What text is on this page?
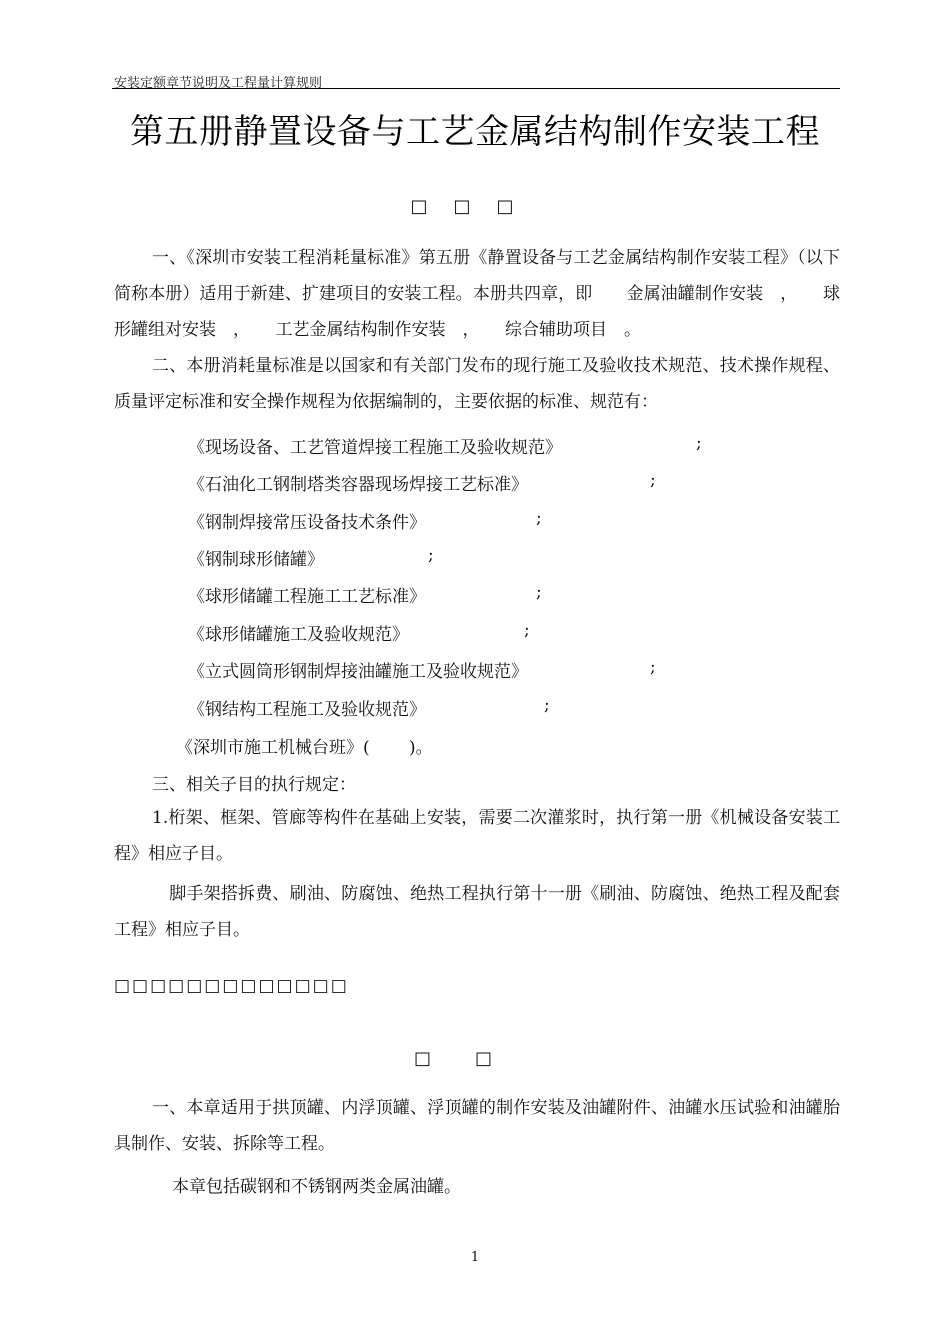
安装定额章节说明及工程量计算规则
第五册静置设备与工艺金属结构制作安装工程
□□□
一、《深圳市安装工程消耗量标准》第五册《静置设备与工艺金属结构制作安装工程》（以下简称本册）适用于新建、扩建项目的安装工程。本册共四章，即　　金属油罐制作安装　，　　球形罐组对安装　，　　工艺金属结构制作安装　，　　综合辅助项目　。
二、本册消耗量标准是以国家和有关部门发布的现行施工及验收技术规范、技术操作规程、质量评定标准和安全操作规程为依据编制的，主要依据的标准、规范有：
《现场设备、工艺管道焊接工程施工及验收规范》	;
《石油化工钢制塔类容器现场焊接工艺标准》	;
《钢制焊接常压设备技术条件》	;
《钢制球形储罐》	;
《球形储罐工程施工工艺标准》	;
《球形储罐施工及验收规范》	;
《立式圆筒形钢制焊接油罐施工及验收规范》	;
《钢结构工程施工及验收规范》	;
《深圳市施工机械台班》(　　 )。
三、相关子目的执行规定：
1.桁架、框架、管廊等构件在基础上安装，需要二次灌浆时，执行第一册《机械设备安装工程》相应子目。
　脚手架搭拆费、刷油、防腐蚀、绝热工程执行第十一册《刷油、防腐蚀、绝热工程及配套工程》相应子目。
□□□□□□□□□□□□□
□□
一、本章适用于拱顶罐、内浮顶罐、浮顶罐的制作安装及油罐附件、油罐水压试验和油罐胎具制作、安装、拆除等工程。
本章包括碳钢和不锈钢两类金属油罐。
1
